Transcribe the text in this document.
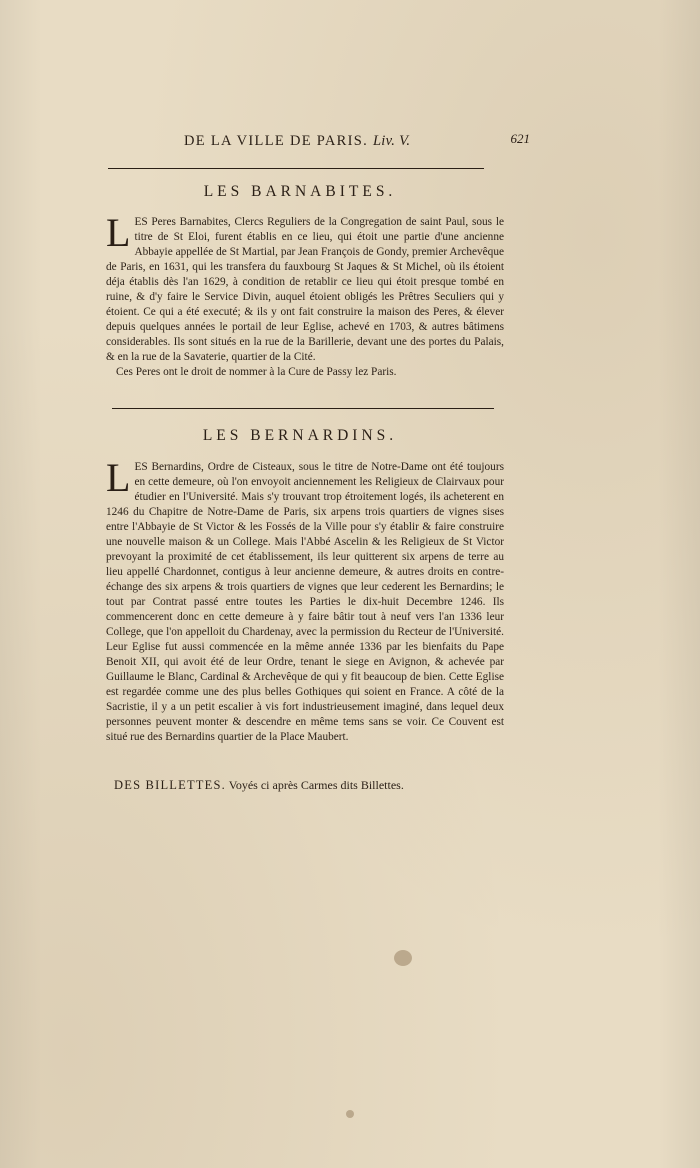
DE LA VILLE DE PARIS. Liv. V.	621
LES BARNABITES.

LES Peres Barnabites, Clercs Reguliers de la Congregation de saint Paul, sous le titre de St Eloi, furent établis en ce lieu, qui étoit une partie d'une ancienne Abbayie appellée de St Martial, par Jean François de Gondy, premier Archevêque de Paris, en 1631, qui les transfera du fauxbourg St Jaques & St Michel, où ils étoient déja établis dès l'an 1629, à condition de retablir ce lieu qui étoit presque tombé en ruine, & d'y faire le Service Divin, auquel étoient obligés les Prêtres Seculiers qui y étoient. Ce qui a été executé; & ils y ont fait construire la maison des Peres, & élever depuis quelques années le portail de leur Eglise, achevé en 1703, & autres bâtimens considerables. Ils sont situés en la rue de la Barillerie, devant une des portes du Palais, & en la rue de la Savaterie, quartier de la Cité.

Ces Peres ont le droit de nommer à la Cure de Passy lez Paris.

LES BERNARDINS.

LES Bernardins, Ordre de Cisteaux, sous le titre de Notre-Dame ont été toujours en cette demeure, où l'on envoyoit anciennement les Religieux de Clairvaux pour étudier en l'Université. Mais s'y trouvant trop étroitement logés, ils acheterent en 1246 du Chapitre de Notre-Dame de Paris, six arpens trois quartiers de vignes sises entre l'Abbayie de St Victor & les Fossés de la Ville pour s'y établir & faire construire une nouvelle maison & un College. Mais l'Abbé Ascelin & les Religieux de St Victor prevoyant la proximité de cet établissement, ils leur quitterent six arpens de terre au lieu appellé Chardonnet, contigus à leur ancienne demeure, & autres droits en contre-échange des six arpens & trois quartiers de vignes que leur cederent les Bernardins; le tout par Contrat passé entre toutes les Parties le dix-huit Decembre 1246. Ils commencerent donc en cette demeure à y faire bâtir tout à neuf vers l'an 1336 leur College, que l'on appelloit du Chardenay, avec la permission du Recteur de l'Université. Leur Eglise fut aussi commencée en la même année 1336 par les bienfaits du Pape Benoit XII, qui avoit été de leur Ordre, tenant le siege en Avignon, & achevée par Guillaume le Blanc, Cardinal & Archevêque de qui y fit beaucoup de bien. Cette Eglise est regardée comme une des plus belles Gothiques qui soient en France. A côté de la Sacristie, il y a un petit escalier à vis fort industrieusement imaginé, dans lequel deux personnes peuvent monter & descendre en même tems sans se voir. Ce Couvent est situé rue des Bernardins quartier de la Place Maubert.

DES BILLETTES. Voyés ci après Carmes dits Billettes.
